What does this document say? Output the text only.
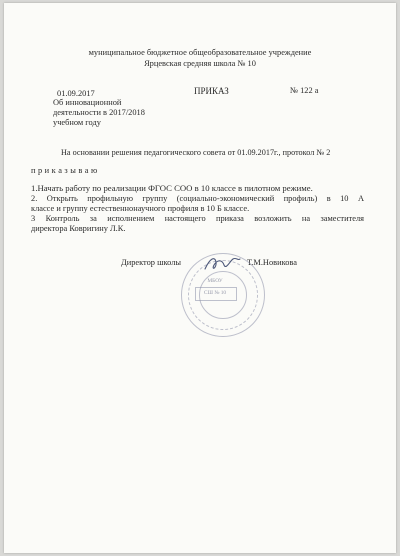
муниципальное бюджетное общеобразовательное учреждение
Ярцевская средняя школа № 10
01.09.2017	ПРИКАЗ	№ 122 а
Об инновационной
деятельности в 2017/2018
учебном году
На основании решения педагогического совета от 01.09.2017г., протокол № 2
п р и к а з ы в а ю
1.Начать работу по реализации ФГОС СОО в 10 классе в пилотном режиме.
2. Открыть профильную группу (социально-экономический профиль) в 10 А
классе и группу естественнонаучного профиля в 10 Б классе.
3 Контроль за исполнением настоящего приказа возложить на заместителя
директора Ковригину Л.К.
Директор школы	Т.М.Новикова
МБОУ
СШ № 10
